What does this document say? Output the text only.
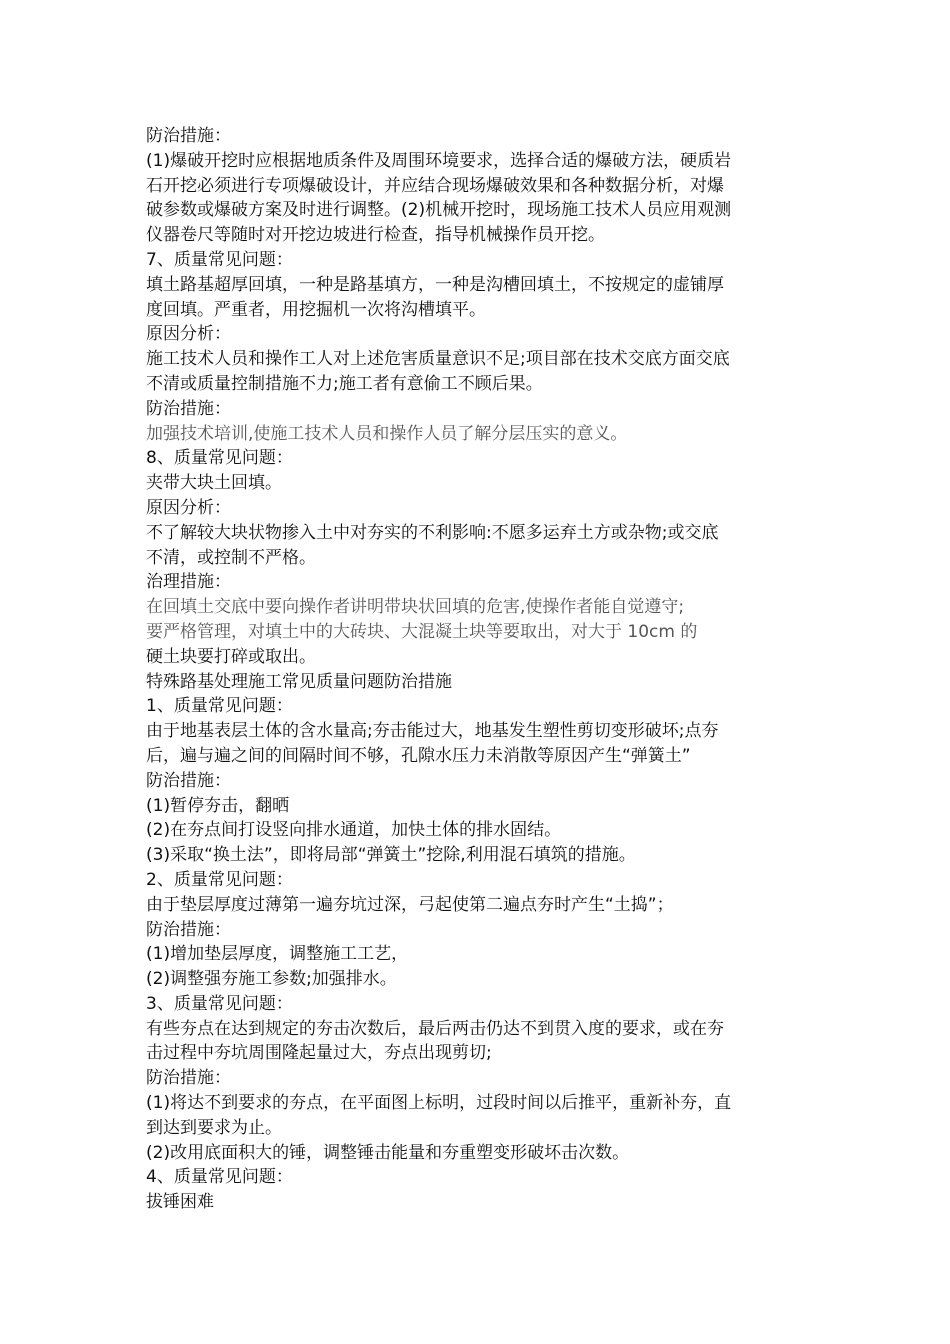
防治措施：
(1)爆破开挖时应根据地质条件及周围环境要求，选择合适的爆破方法，硬质岩
石开挖必须进行专项爆破设计，并应结合现场爆破效果和各种数据分析，对爆
破参数或爆破方案及时进行调整。(2)机械开挖时，现场施工技术人员应用观测
仪器卷尺等随时对开挖边坡进行检查，指导机械操作员开挖。
7、质量常见问题：
填土路基超厚回填，一种是路基填方，一种是沟槽回填土，不按规定的虚铺厚
度回填。严重者，用挖掘机一次将沟槽填平。
原因分析：
施工技术人员和操作工人对上述危害质量意识不足;项目部在技术交底方面交底
不清或质量控制措施不力;施工者有意偷工不顾后果。
防治措施：
加强技术培训,使施工技术人员和操作人员了解分层压实的意义。
8、质量常见问题：
夹带大块土回填。
原因分析：
不了解较大块状物掺入土中对夯实的不利影响:不愿多运弃土方或杂物;或交底
不清，或控制不严格。
治理措施：
在回填土交底中要向操作者讲明带块状回填的危害,使操作者能自觉遵守;
要严格管理，对填土中的大砖块、大混凝土块等要取出，对大于 10cm 的
硬土块要打碎或取出。
特殊路基处理施工常见质量问题防治措施
1、质量常见问题：
由于地基表层土体的含水量高;夯击能过大，地基发生塑性剪切变形破坏;点夯
后，遍与遍之间的间隔时间不够，孔隙水压力未消散等原因产生“弹簧土”
防治措施：
(1)暂停夯击，翻晒
(2)在夯点间打设竖向排水通道，加快土体的排水固结。
(3)采取“换土法”，即将局部“弹簧土”挖除,利用混石填筑的措施。
2、质量常见问题：
由于垫层厚度过薄第一遍夯坑过深，弓起使第二遍点夯时产生“土捣”；
防治措施：
(1)增加垫层厚度，调整施工工艺，
(2)调整强夯施工参数;加强排水。
3、质量常见问题：
有些夯点在达到规定的夯击次数后，最后两击仍达不到贯入度的要求，或在夯
击过程中夯坑周围隆起量过大，夯点出现剪切;
防治措施：
(1)将达不到要求的夯点，在平面图上标明，过段时间以后推平，重新补夯，直
到达到要求为止。
(2)改用底面积大的锤，调整锤击能量和夯重塑变形破坏击次数。
4、质量常见问题：
拔锤困难
